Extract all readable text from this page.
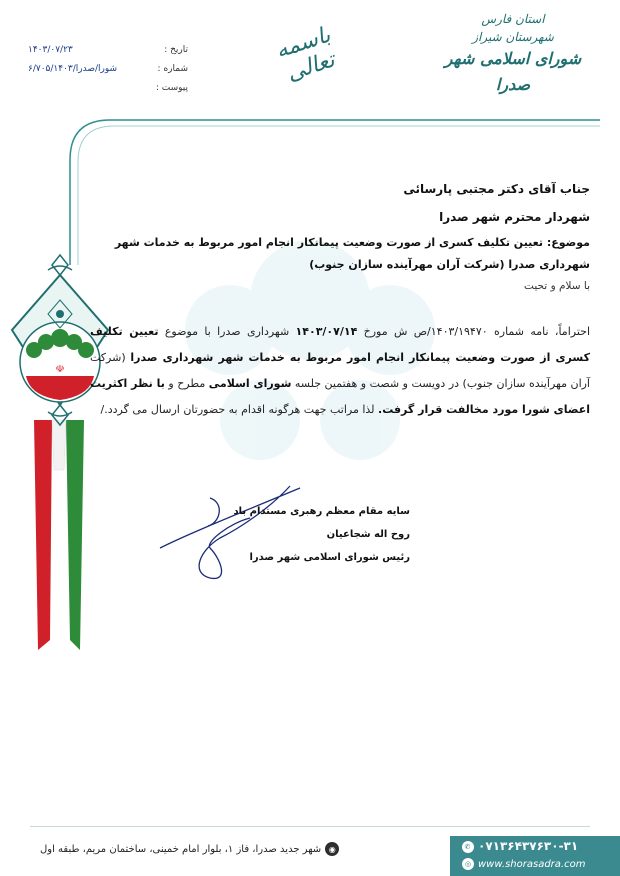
☫
استان فارس
شهرستان شیراز
شورای اسلامی شهر صدرا
باسمه تعالی
تاریخ :
۱۴۰۳/۰۷/۲۳
شماره :
۶/۷۰۵/۱۴۰۳/شورا/صدرا
پیوست :
جناب آقای دکتر مجتبی پارسائی
شهردار محترم شهر صدرا
موضوع: تعیین تکلیف کسری از صورت وضعیت پیمانکار انجام امور مربوط به خدمات شهر شهرداری صدرا (شرکت آران مهرآینده سازان جنوب)
با سلام و تحیت
احتراماً، نامه شماره ۱۴۰۳/۱۹۴۷۰/ص ش مورخ ۱۴۰۳/۰۷/۱۴ شهرداری صدرا با موضوع تعیین تکلیف کسری از صورت وضعیت پیمانکار انجام امور مربوط به خدمات شهر شهرداری صدرا (شرکت آران مهرآینده سازان جنوب) در دویست و شصت و هفتمین جلسه شورای اسلامی مطرح و با نظر اکثریت اعضای شورا مورد مخالفت قرار گرفت. لذا مراتب جهت هرگونه اقدام به حضورتان ارسال می گردد./
سایه مقام معظم رهبری مستدام باد
روح اله شجاعیان
رئیس شورای اسلامی شهر صدرا
◉
شهر جدید صدرا، فاز ۱، بلوار امام خمینی، ساختمان مریم، طبقه اول	✆ ۰۷۱۳۶۴۳۷۶۳۰-۳۱
◎ www.shorasadra.com
